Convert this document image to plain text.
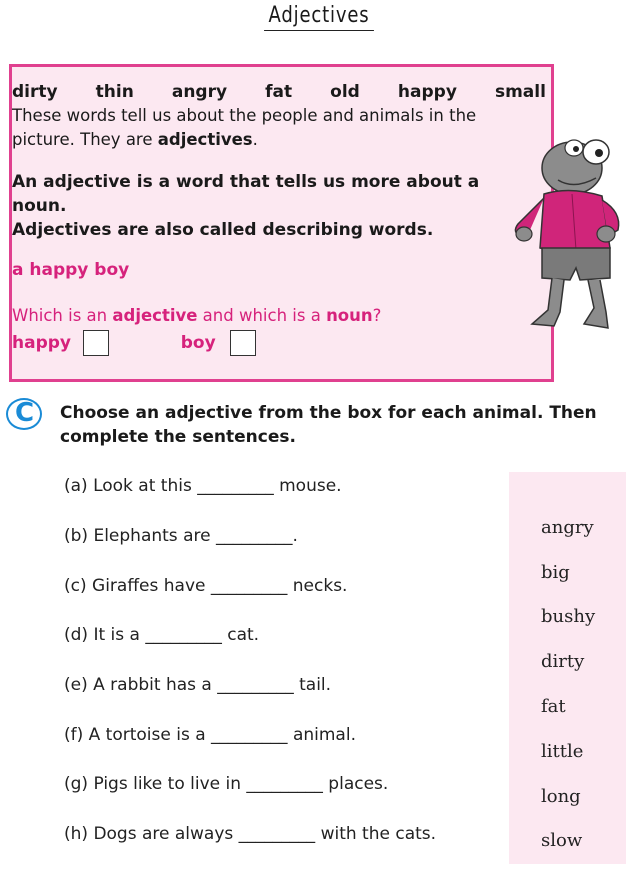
Adjectives
dirty thin angry fat old happy small
These words tell us about the people and animals in the
picture. They are adjectives.
An adjective is a word that tells us more about a
noun.
Adjectives are also called describing words.
a happy boy
Which is an adjective and which is a noun?
happy	boy
C Choose an adjective from the box for each animal. Then
complete the sentences.
(a) Look at this _________ mouse.
(b) Elephants are _________.
(c) Giraffes have _________ necks.
(d) It is a _________ cat.
(e) A rabbit has a _________ tail.
(f) A tortoise is a _________ animal.
(g) Pigs like to live in _________ places.
(h) Dogs are always _________ with the cats.
angry
big
bushy
dirty
fat
little
long
slow
